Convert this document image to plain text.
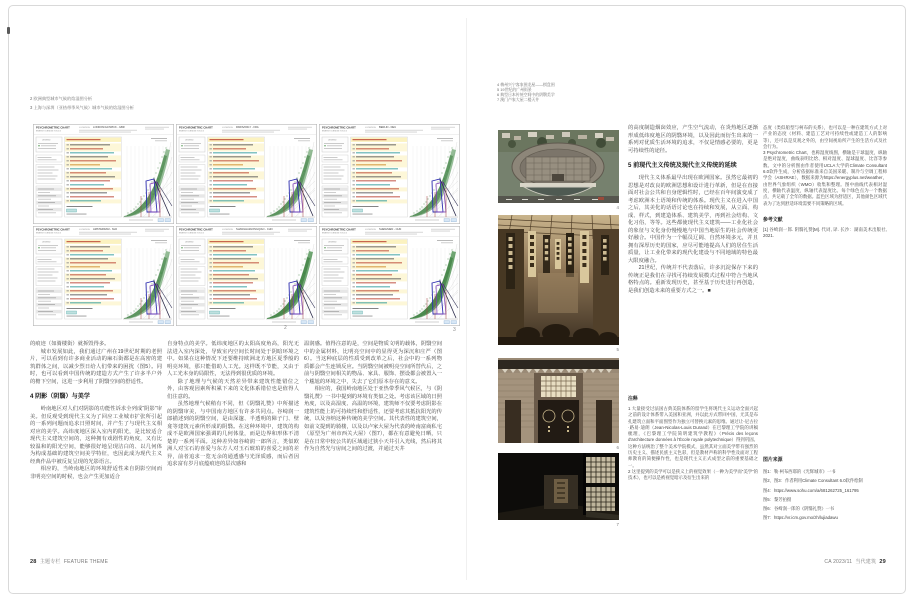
2 欧洲典型城市气候的焓湿图分析
3 上海与深圳（亚热带季风气候）城市气候的焓湿图分析
PSYCHROMETRIC CHART
ENERGY DESIGN TOOLS
LOCATION: LONDON/GATWICK - GBR
LEGEND
PSYCHROMETRIC CHART
ENERGY DESIGN TOOLS
LOCATION: PARIS/ORLY - FRA
LEGEND
PSYCHROMETRIC CHART
ENERGY DESIGN TOOLS
LOCATION: BERLIN - DEU
LEGEND
PSYCHROMETRIC CHART
ENERGY DESIGN TOOLS
LOCATION: AMSTERDAM - NLD
LEGEND
PSYCHROMETRIC CHART
ENERGY DESIGN TOOLS
LOCATION: SHANGHAI/HONGQIAO - CHN
LEGEND
PSYCHROMETRIC CHART
ENERGY DESIGN TOOLS
LOCATION: SHENZHEN - CHN
LEGEND
2	3
的痕迹（如骑楼街）就拆毁得多。
城市发展如此，我们通过广州在19世纪时期的老照片，可以看到有许多商业活动的麻石街都是在高密的建筑群体之间，以减少烈日给人们带来的困扰（图5）。同时，也可以看到中国传统的建造方式产生了许多半户外的檐下空间，这进一步利用了阴翳空间的舒适性。
4 阴影（阴翳）与美学
岭南地区对人们对阴影的功能性诉求全列成“阴影”审美。但反观受到现代主义为了回应工业城市扩张所引起的一系列问题而追求日照时间，并产生了与现代主义相对应的美学。高纬度地区深入室内的阳光，是比较适合现代主义建筑空间的，这种拥有戏剧性的角度，又有比较温和的阳光空间，能够很好地呈现洁白的、以几何体为构成基础的建筑空间美学特征，也因此成为现代主义经典作品中被反复呈现的光影语言。
相应的，当岭南地区的环境舒适性来自阴影空间而非明亮空间的时候，也会产生更加适合
自身特点的美学。低纬度地区的太阳高度角高，阳光无法进入室内深处，导致室内空间长时间处于阴暗环境之中。如果在这种情况下还要维持欧洲北方地区夏季般的明亮环境，那只能借助人工光。这样既不节能，又由于人工光本身的局限性，无法得到很优质的环境。
除了地理与气候的天然差异带来建筑性能错位之外，由客观因素所积累下来的文化体系错位也是值得人们注意的。
虽然地理气候稍有不同，但《阴翳礼赞》中所描述的阴翳审美，与中国南方地区有许多共同点。谷崎润一郎描述到的阴翳空间，是由深邃、半透明的障子门、壁龛等建筑元素所形成的阴翳。在这种环境中，建筑的构成不是欧洲国家强调的几何体量，而是边界和形体不清楚的一系列平面。这种差异如谷崎润一郎所言，类似欧洲人对宝石的喜爱与东方人对玉石琥珀的喜爱之间的差异，前者追求一览无余的通透感与光泽质感，而后者因追求富有岁月底蕴痕迹的层次感和
温润感。值得注意的是，空间是物质文明的载体，阴翳空间中的金属材料，比明亮空间中的显得更为深沉和庄严（图6）。当这种底层的性质受到改革之后，社会中的一系列物质都会产生连锁反应。当阴翳空间被明亮空间所替代后，之前与阴翳空间相关的物品、家具、服饰、摆设都会被置入一个尴尬的环境之中，失去了它们原本存在的意义。
相应的，我国岭南地区处于亚热带季风气候区，与《阴翳礼赞》一书中提到的环境有类似之处。考虑该区域的日照角度，以及高湿度、高温的环境，建筑师不仅要考虑阴影在建筑性能上的可持续性和舒适性，还要考虑其抵抗阳光的传统，以及容纳这种传统的美学空间。其代表性的建筑空间，如前文提到的骑楼，以及以卢家大屋为代表的岭南富商私宅（原型为广州市西关大屋）（图7），都在有意避免日晒，只是在日常中较公共的区域通过狭小天井引入光线，然后将其作为自然光与房间之间的过渡，并通过天井
28 主题专栏 FEATURE THEME
4 梅州兴宁客家围龙屋——棋盘围
5 19世纪的广州街景
6 典型日本传统空间中的阴翳美学
7 澳门卢家大屋二楼天井
4
5
6
7
的高度制造烟囱效应，产生空气流动，在炎热地区逐渐形成低纬度地区的阴翳环境，以及因此而衍生出来的一系列对优质生活环境的追求，不仅是情感必要的，更是可持续性的途径。
5 前现代主义传统及现代主义传统的延续
现代主义体系最早出现在欧洲国家。虽然它最初的思想是对改良的欧洲思想和设计进行革新，但是在直接面对社会公共和自身逻辑性时，已经在百年间演变成了考虑欧洲本土语境和传统的体系。现代主义在进入中国之后，其美化的话语讨论也在持续和发展，从立面、构成、样式，到建造体系、建筑美学，再到社会结构、文化习俗，等等。这些都使现代主义建筑——工业化社会的象征与文化身份慢慢地与中国当地原生的社会传统更好融合。中国作为一个幅员辽阔、自然环境多元，并且拥有深厚历史的国家，应尽可能地提高人们的居住生活质量，让工业化带来的现代化建设与不同地域的特色最大限度融合。
21世纪，传统并不代表落后，许多沉淀保存下来的传统正是我们在寻找可持续发展模式过程中符合当地风格特点的。重新发现历史，甚至基于历史进行再创造，是我们创造未来的重要方式之一。■
注释
1 大量接受过法国古典美院体系的留学生将现代主义运动全面兴起之前的设计体系带入美国和亚洲，并以此方式带回中国，尤其是布扎建筑立面和平面图型作为独立可替换元素的思维。通过让-尼古拉·路易·迪朗（Jean-Nicolas-Louis Durand）在巴黎理工学院的讲稿梳理，《巴黎理工学院简明建筑学教程》（Précis des leçons d'architecture données à l'École royale polytechnique）得到巩固。这种方法统治了整个美术学院模式，虽然其对立面美学带有强烈的历史主义、描述民族主义色彩，但是教材声称的科学性及面对工程师教育的简便操作性，也是现代主义正式成型之前的重要基础之一。
2 这里提到的美学可以是狭义上的视觉效果（一种为美学而“美学”的技术），也可以是被视觉暗示及衍生出来的
态度（类似船型与柯布的关系），也可以是一种在建筑方式上对产业的态度（材料、建造工艺对可持续性或建造工人的影响等），还可以是反观之外的，由空间视角所产生的生活方式及社会行为。
3 Psychrometric Chart，也称湿度线图，横轴是干球温度，纵轴是绝对湿度，曲线表明比焓、相对湿度、湿球温度、比容等参数。文中的分析图由作者使用UCLA大学的Climate Consultant 6.0软件生成，分析依据标准来自美国采暖、制冷与空调工程师学会（ASHRAE），数据来源为https://energyplus.net/weather，由世界气象组织（WMO）收集和整理。图中曲线代表相对湿度，横轴代表温度，纵轴代表湿度比。每个绿色点为一个数据点，共记载了全年的数据。蓝色区域为舒适区，其他颜色区域代表为了达到舒适环境需要不同策略的区域。
参考文献
[1] 谷崎润一郎. 阴翳礼赞[M]. 代词, 译. 长沙：湖南美术出版社, 2021.
图片来源
图1：勒·柯布西耶的《光辉城市》一书
图2、图3：作者利用Climate Consultant 6.0软件绘制
图4：https://www.sohu.com/a/681262725_161795
图5：黎芳拍摄
图6：谷崎润一郎的《阴翳礼赞》一书
图7：https://vr.icm.gov.mo/zh/lujiadawu
CA 2023/11 当代建筑 29
